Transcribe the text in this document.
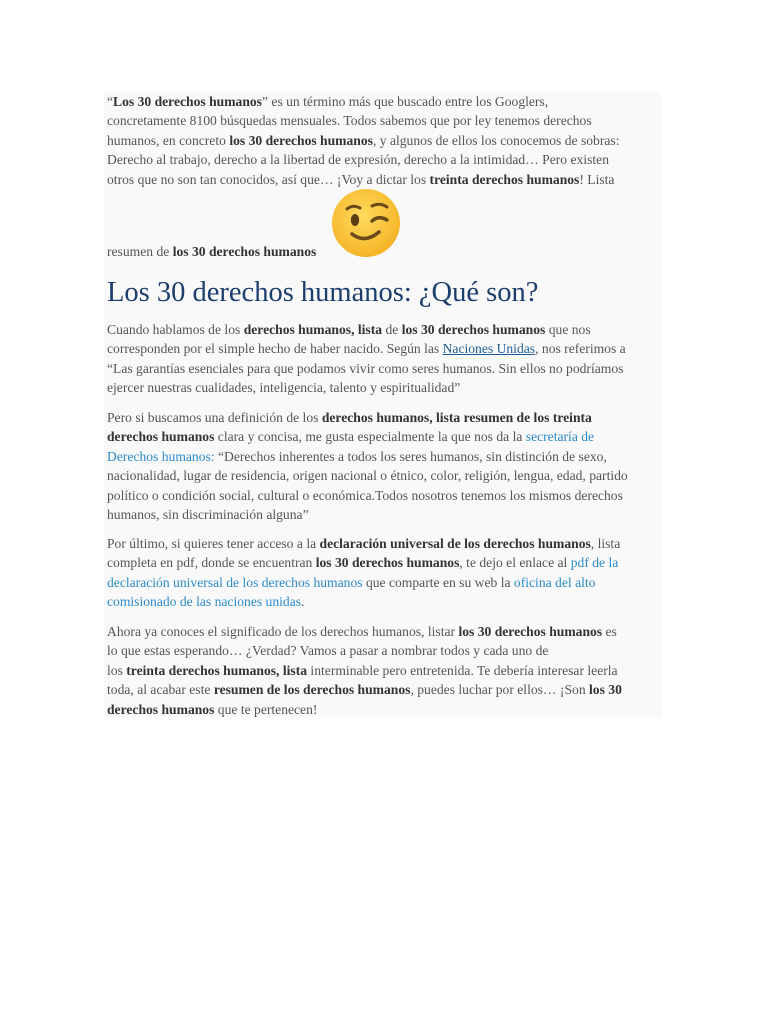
“Los 30 derechos humanos” es un término más que buscado entre los Googlers,
concretamente 8100 búsquedas mensuales. Todos sabemos que por ley tenemos derechos
humanos, en concreto los 30 derechos humanos, y algunos de ellos los conocemos de sobras:
Derecho al trabajo, derecho a la libertad de expresión, derecho a la intimidad… Pero existen
otros que no son tan conocidos, así que… ¡Voy a dictar los treinta derechos humanos! Lista
resumen de los 30 derechos humanos
Los 30 derechos humanos: ¿Qué son?
Cuando hablamos de los derechos humanos, lista de los 30 derechos humanos que nos
corresponden por el simple hecho de haber nacido. Según las Naciones Unidas, nos referimos a
“Las garantías esenciales para que podamos vivir como seres humanos. Sin ellos no podríamos
ejercer nuestras cualidades, inteligencia, talento y espiritualidad”
Pero si buscamos una definición de los derechos humanos, lista resumen de los treinta
derechos humanos clara y concisa, me gusta especialmente la que nos da la secretaría de
Derechos humanos: “Derechos inherentes a todos los seres humanos, sin distinción de sexo,
nacionalidad, lugar de residencia, origen nacional o étnico, color, religión, lengua, edad, partido
político o condición social, cultural o económica.Todos nosotros tenemos los mismos derechos
humanos, sin discriminación alguna”
Por último, si quieres tener acceso a la declaración universal de los derechos humanos, lista
completa en pdf, donde se encuentran los 30 derechos humanos, te dejo el enlace al pdf de la
declaración universal de los derechos humanos que comparte en su web la oficina del alto
comisionado de las naciones unidas.
Ahora ya conoces el significado de los derechos humanos, listar los 30 derechos humanos es
lo que estas esperando… ¿Verdad? Vamos a pasar a nombrar todos y cada uno de
los treinta derechos humanos, lista interminable pero entretenida. Te debería interesar leerla
toda, al acabar este resumen de los derechos humanos, puedes luchar por ellos… ¡Son los 30
derechos humanos que te pertenecen!
